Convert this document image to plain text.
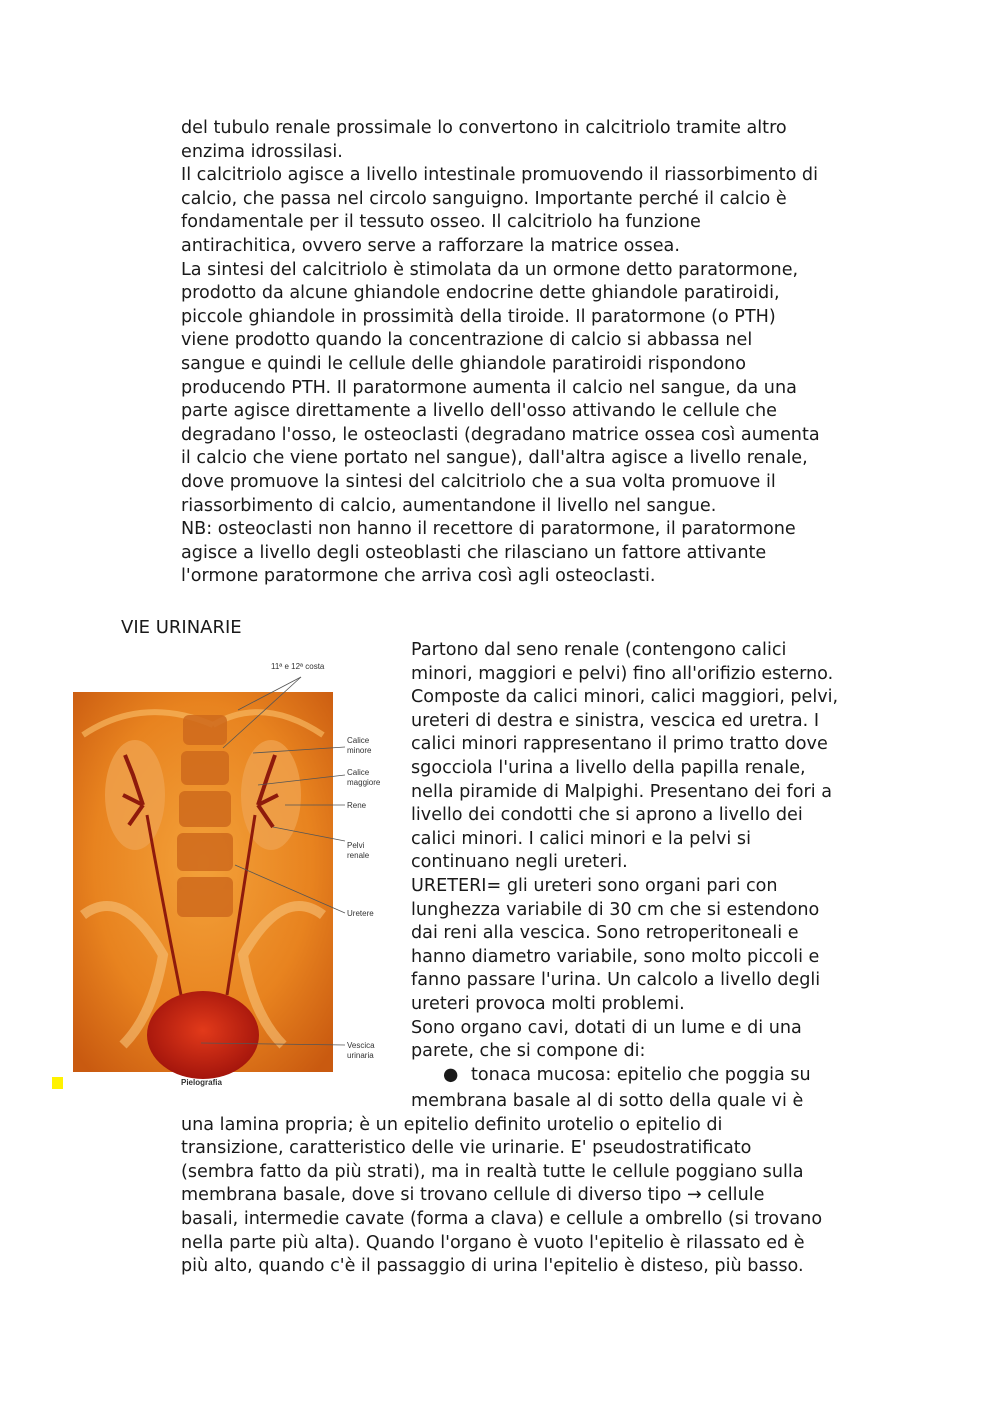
del tubulo renale prossimale lo convertono in calcitriolo tramite altro
enzima idrossilasi.
Il calcitriolo agisce a livello intestinale promuovendo il riassorbimento di
calcio, che passa nel circolo sanguigno. Importante perché il calcio è
fondamentale per il tessuto osseo. Il calcitriolo ha funzione
antirachitica, ovvero serve a rafforzare la matrice ossea.
La sintesi del calcitriolo è stimolata da un ormone detto paratormone,
prodotto da alcune ghiandole endocrine dette ghiandole paratiroidi,
piccole ghiandole in prossimità della tiroide. Il paratormone (o PTH)
viene prodotto quando la concentrazione di calcio si abbassa nel
sangue e quindi le cellule delle ghiandole paratiroidi rispondono
producendo PTH. Il paratormone aumenta il calcio nel sangue, da una
parte agisce direttamente a livello dell'osso attivando le cellule che
degradano l'osso, le osteoclasti (degradano matrice ossea così aumenta
il calcio che viene portato nel sangue), dall'altra agisce a livello renale,
dove promuove la sintesi del calcitriolo che a sua volta promuove il
riassorbimento di calcio, aumentandone il livello nel sangue.
NB: osteoclasti non hanno il recettore di paratormone, il paratormone
agisce a livello degli osteoblasti che rilasciano un fattore attivante
l'ormone paratormone che arriva così agli osteoclasti.
VIE URINARIE
11ª e 12ª costa
Calice
minore
Calice
maggiore
Rene
Pelvi
renale
Uretere
Vescica
urinaria
Pielografia
Partono dal seno renale (contengono calici
minori, maggiori e pelvi) fino all'orifizio esterno.
Composte da calici minori, calici maggiori, pelvi,
ureteri di destra e sinistra, vescica ed uretra. I
calici minori rappresentano il primo tratto dove
sgocciola l'urina a livello della papilla renale,
nella piramide di Malpighi. Presentano dei fori a
livello dei condotti che si aprono a livello dei
calici minori. I calici minori e la pelvi si
continuano negli ureteri.
URETERI= gli ureteri sono organi pari con
lunghezza variabile di 30 cm che si estendono
dai reni alla vescica. Sono retroperitoneali e
hanno diametro variabile, sono molto piccoli e
fanno passare l'urina. Un calcolo a livello degli
ureteri provoca molti problemi.
Sono organo cavi, dotati di un lume e di una
parete, che si compone di:
● tonaca mucosa: epitelio che poggia su
membrana basale al di sotto della quale vi è
una lamina propria; è un epitelio definito urotelio o epitelio di
transizione, caratteristico delle vie urinarie. E' pseudostratificato
(sembra fatto da più strati), ma in realtà tutte le cellule poggiano sulla
membrana basale, dove si trovano cellule di diverso tipo → cellule
basali, intermedie cavate (forma a clava) e cellule a ombrello (si trovano
nella parte più alta). Quando l'organo è vuoto l'epitelio è rilassato ed è
più alto, quando c'è il passaggio di urina l'epitelio è disteso, più basso.
